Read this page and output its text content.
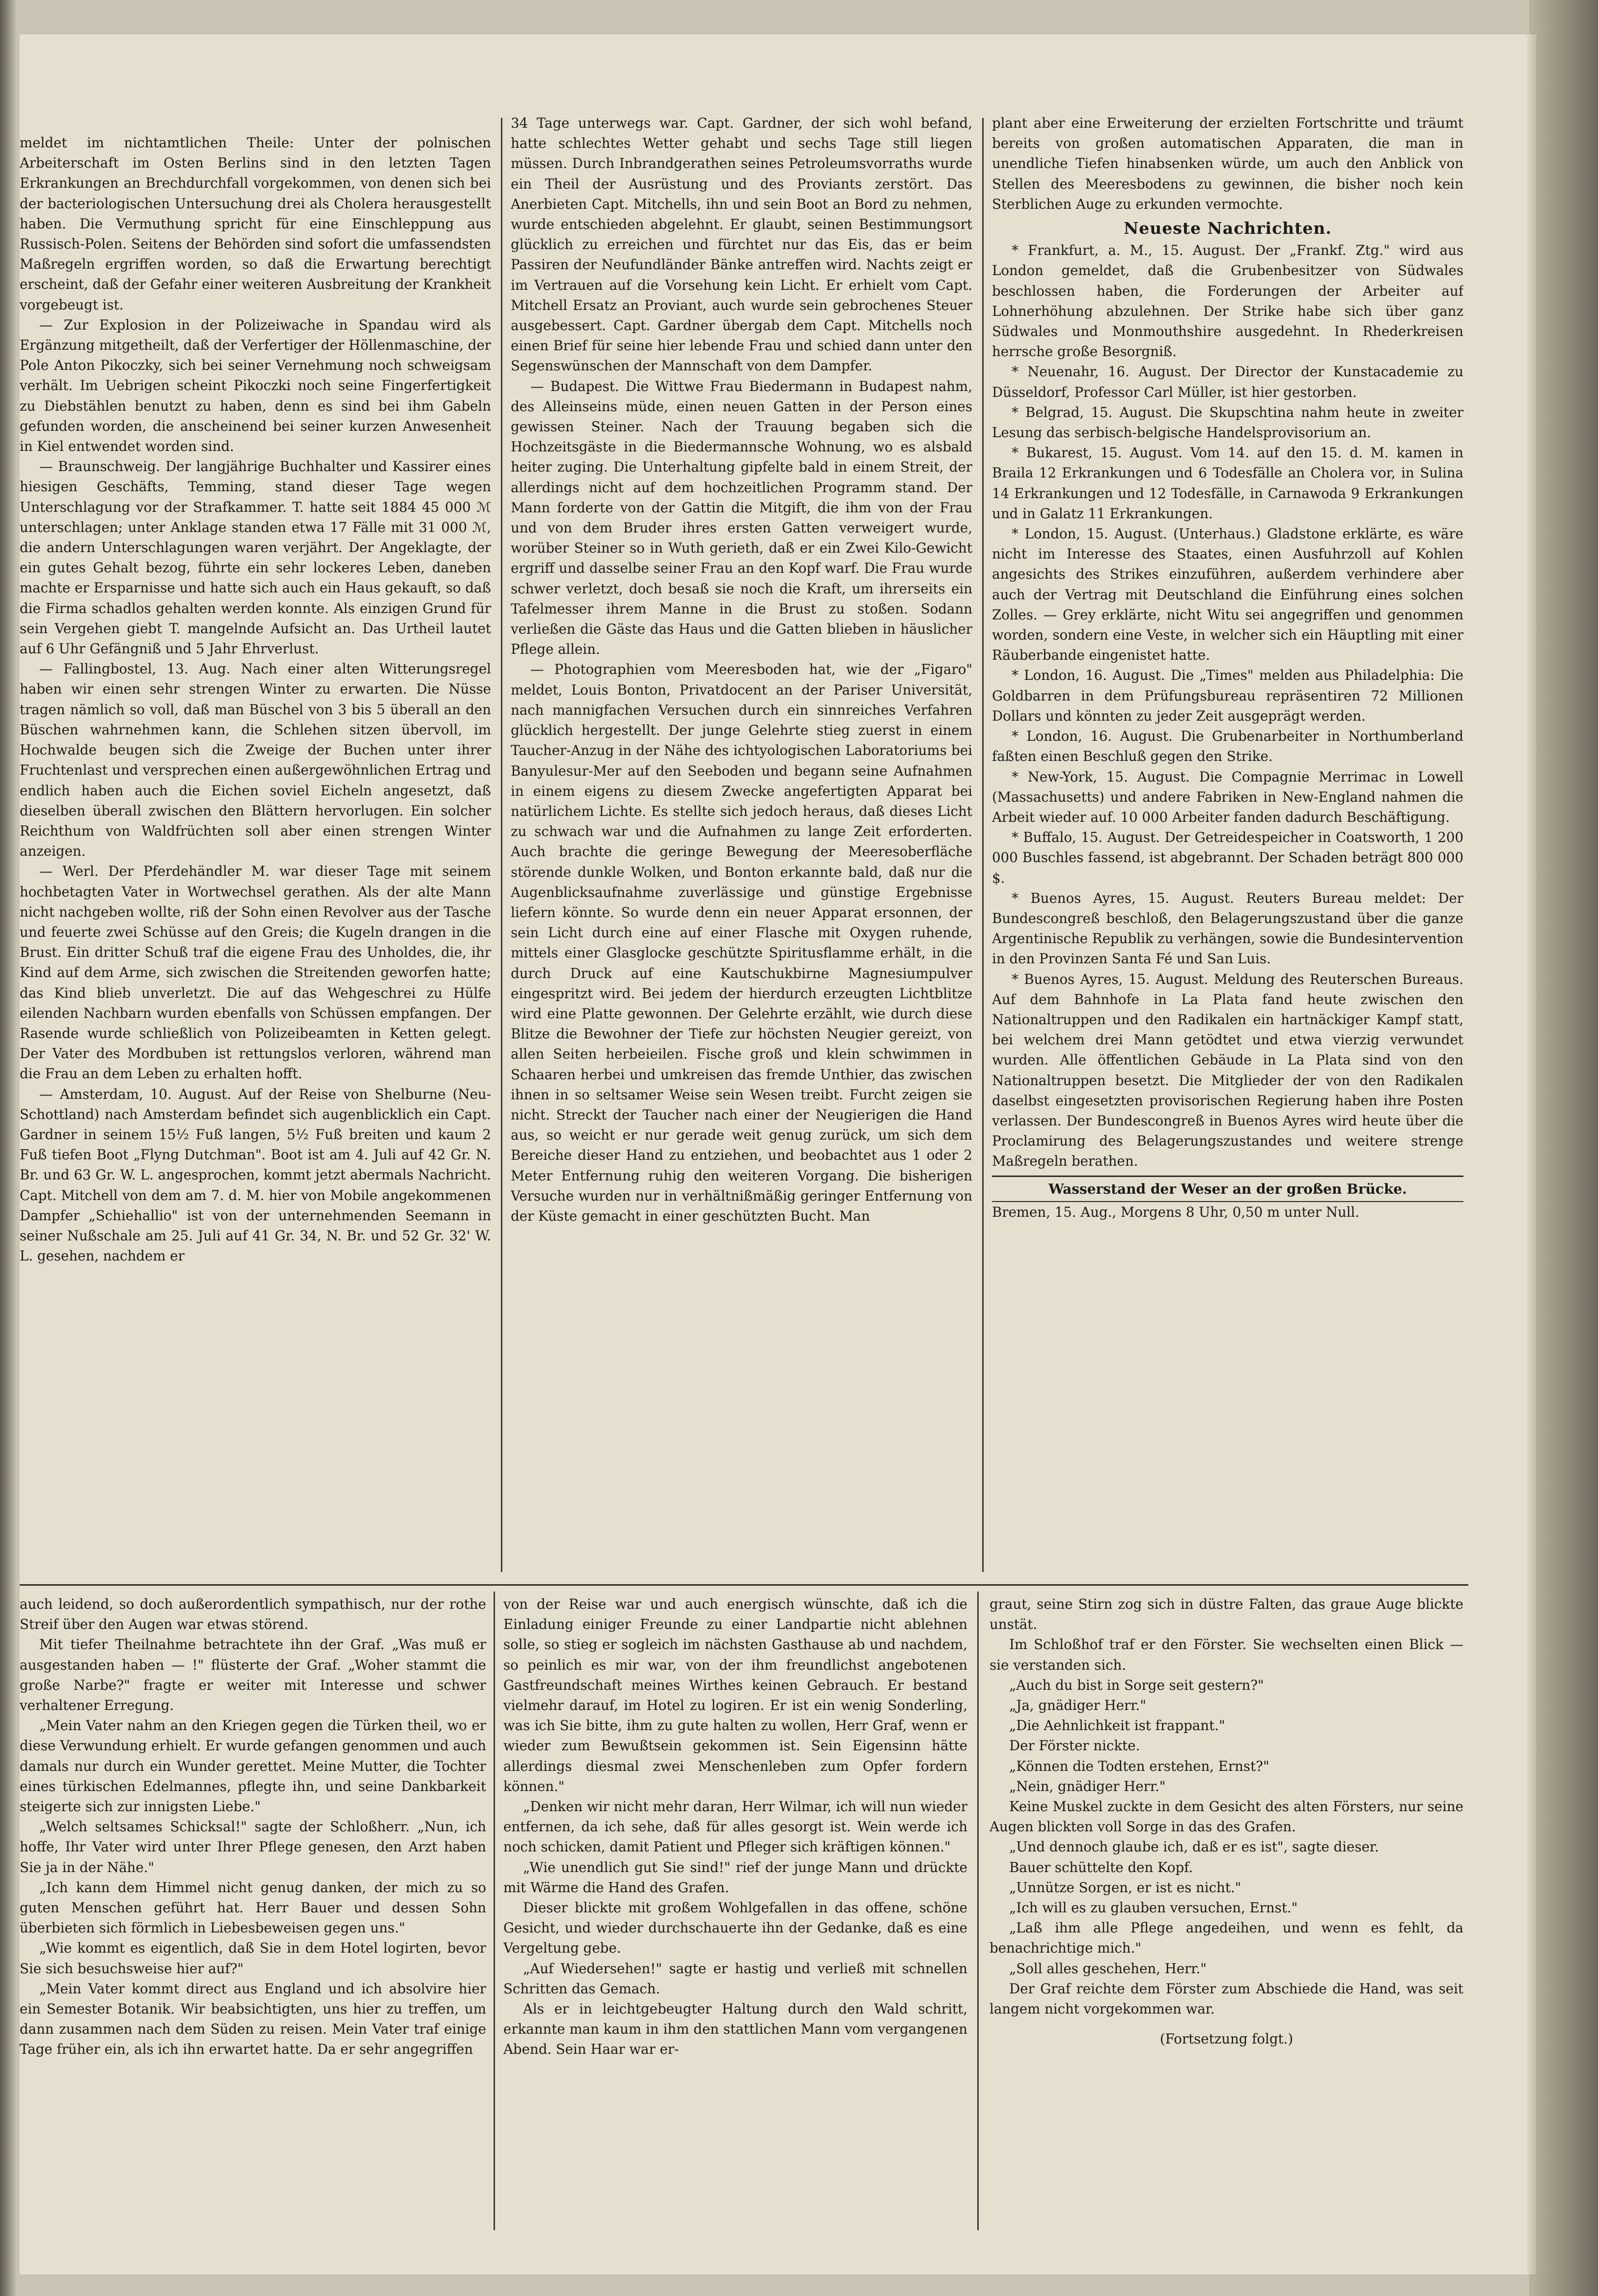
meldet im nichtamtlichen Theile: Unter der polnischen Arbeiterschaft im Osten Berlins sind in den letzten Tagen Erkrankungen an Brechdurchfall vorgekommen, von denen sich bei der bacteriologischen Untersuchung drei als Cholera herausgestellt haben. Die Vermuthung spricht für eine Einschleppung aus Russisch-Polen. Seitens der Behörden sind sofort die umfassendsten Maßregeln ergriffen worden, so daß die Erwartung berechtigt erscheint, daß der Gefahr einer weiteren Ausbreitung der Krankheit vorgebeugt ist.

— Zur Explosion in der Polizeiwache in Spandau wird als Ergänzung mitgetheilt, daß der Verfertiger der Höllenmaschine, der Pole Anton Pikoczky, sich bei seiner Vernehmung noch schweigsam verhält. Im Uebrigen scheint Pikoczki noch seine Fingerfertigkeit zu Diebstählen benutzt zu haben, denn es sind bei ihm Gabeln gefunden worden, die anscheinend bei seiner kurzen Anwesenheit in Kiel entwendet worden sind.

— Braunschweig. Der langjährige Buchhalter und Kassirer eines hiesigen Geschäfts, Temming, stand dieser Tage wegen Unterschlagung vor der Strafkammer. T. hatte seit 1884 45 000 ℳ unterschlagen; unter Anklage standen etwa 17 Fälle mit 31 000 ℳ, die andern Unterschlagungen waren verjährt. Der Angeklagte, der ein gutes Gehalt bezog, führte ein sehr lockeres Leben, daneben machte er Ersparnisse und hatte sich auch ein Haus gekauft, so daß die Firma schadlos gehalten werden konnte. Als einzigen Grund für sein Vergehen giebt T. mangelnde Aufsicht an. Das Urtheil lautet auf 6 Uhr Gefängniß und 5 Jahr Ehrverlust.

— Fallingbostel, 13. Aug. Nach einer alten Witterungsregel haben wir einen sehr strengen Winter zu erwarten. Die Nüsse tragen nämlich so voll, daß man Büschel von 3 bis 5 überall an den Büschen wahrnehmen kann, die Schlehen sitzen übervoll, im Hochwalde beugen sich die Zweige der Buchen unter ihrer Fruchtenlast und versprechen einen außergewöhnlichen Ertrag und endlich haben auch die Eichen soviel Eicheln angesetzt, daß dieselben überall zwischen den Blättern hervorlugen. Ein solcher Reichthum von Waldfrüchten soll aber einen strengen Winter anzeigen.

— Werl. Der Pferdehändler M. war dieser Tage mit seinem hochbetagten Vater in Wortwechsel gerathen. Als der alte Mann nicht nachgeben wollte, riß der Sohn einen Revolver aus der Tasche und feuerte zwei Schüsse auf den Greis; die Kugeln drangen in die Brust. Ein dritter Schuß traf die eigene Frau des Unholdes, die, ihr Kind auf dem Arme, sich zwischen die Streitenden geworfen hatte; das Kind blieb unverletzt. Die auf das Wehgeschrei zu Hülfe eilenden Nachbarn wurden ebenfalls von Schüssen empfangen. Der Rasende wurde schließlich von Polizeibeamten in Ketten gelegt. Der Vater des Mordbuben ist rettungslos verloren, während man die Frau an dem Leben zu erhalten hofft.

— Amsterdam, 10. August. Auf der Reise von Shelburne (Neu-Schottland) nach Amsterdam befindet sich augenblicklich ein Capt. Gardner in seinem 15½ Fuß langen, 5½ Fuß breiten und kaum 2 Fuß tiefen Boot „Flyng Dutchman". Boot ist am 4. Juli auf 42 Gr. N. Br. und 63 Gr. W. L. angesprochen, kommt jetzt abermals Nachricht. Capt. Mitchell von dem am 7. d. M. hier von Mobile angekommenen Dampfer „Schiehallio" ist von der unternehmenden Seemann in seiner Nußschale am 25. Juli auf 41 Gr. 34, N. Br. und 52 Gr. 32' W. L. gesehen, nachdem er

34 Tage unterwegs war. Capt. Gardner, der sich wohl befand, hatte schlechtes Wetter gehabt und sechs Tage still liegen müssen. Durch Inbrandgerathen seines Petroleumsvorraths wurde ein Theil der Ausrüstung und des Proviants zerstört. Das Anerbieten Capt. Mitchells, ihn und sein Boot an Bord zu nehmen, wurde entschieden abgelehnt. Er glaubt, seinen Bestimmungsort glücklich zu erreichen und fürchtet nur das Eis, das er beim Passiren der Neufundländer Bänke antreffen wird. Nachts zeigt er im Vertrauen auf die Vorsehung kein Licht. Er erhielt vom Capt. Mitchell Ersatz an Proviant, auch wurde sein gebrochenes Steuer ausgebessert. Capt. Gardner übergab dem Capt. Mitchells noch einen Brief für seine hier lebende Frau und schied dann unter den Segenswünschen der Mannschaft von dem Dampfer.

— Budapest. Die Wittwe Frau Biedermann in Budapest nahm, des Alleinseins müde, einen neuen Gatten in der Person eines gewissen Steiner. Nach der Trauung begaben sich die Hochzeitsgäste in die Biedermannsche Wohnung, wo es alsbald heiter zuging. Die Unterhaltung gipfelte bald in einem Streit, der allerdings nicht auf dem hochzeitlichen Programm stand. Der Mann forderte von der Gattin die Mitgift, die ihm von der Frau und von dem Bruder ihres ersten Gatten verweigert wurde, worüber Steiner so in Wuth gerieth, daß er ein Zwei Kilo-Gewicht ergriff und dasselbe seiner Frau an den Kopf warf. Die Frau wurde schwer verletzt, doch besaß sie noch die Kraft, um ihrerseits ein Tafelmesser ihrem Manne in die Brust zu stoßen. Sodann verließen die Gäste das Haus und die Gatten blieben in häuslicher Pflege allein.

— Photographien vom Meeresboden hat, wie der „Figaro" meldet, Louis Bonton, Privatdocent an der Pariser Universität, nach mannigfachen Versuchen durch ein sinnreiches Verfahren glücklich hergestellt. Der junge Gelehrte stieg zuerst in einem Taucher-Anzug in der Nähe des ichtyologischen Laboratoriums bei Banyulesur-Mer auf den Seeboden und begann seine Aufnahmen in einem eigens zu diesem Zwecke angefertigten Apparat bei natürlichem Lichte. Es stellte sich jedoch heraus, daß dieses Licht zu schwach war und die Aufnahmen zu lange Zeit erforderten. Auch brachte die geringe Bewegung der Meeresoberfläche störende dunkle Wolken, und Bonton erkannte bald, daß nur die Augenblicksaufnahme zuverlässige und günstige Ergebnisse liefern könnte. So wurde denn ein neuer Apparat ersonnen, der sein Licht durch eine auf einer Flasche mit Oxygen ruhende, mittels einer Glasglocke geschützte Spiritusflamme erhält, in die durch Druck auf eine Kautschukbirne Magnesiumpulver eingespritzt wird. Bei jedem der hierdurch erzeugten Lichtblitze wird eine Platte gewonnen. Der Gelehrte erzählt, wie durch diese Blitze die Bewohner der Tiefe zur höchsten Neugier gereizt, von allen Seiten herbeieilen. Fische groß und klein schwimmen in Schaaren herbei und umkreisen das fremde Unthier, das zwischen ihnen in so seltsamer Weise sein Wesen treibt. Furcht zeigen sie nicht. Streckt der Taucher nach einer der Neugierigen die Hand aus, so weicht er nur gerade weit genug zurück, um sich dem Bereiche dieser Hand zu entziehen, und beobachtet aus 1 oder 2 Meter Entfernung ruhig den weiteren Vorgang. Die bisherigen Versuche wurden nur in verhältnißmäßig geringer Entfernung von der Küste gemacht in einer geschützten Bucht. Man

plant aber eine Erweiterung der erzielten Fortschritte und träumt bereits von großen automatischen Apparaten, die man in unendliche Tiefen hinabsenken würde, um auch den Anblick von Stellen des Meeresbodens zu gewinnen, die bisher noch kein Sterblichen Auge zu erkunden vermochte.

Neueste Nachrichten.

* Frankfurt, a. M., 15. August. Der „Frankf. Ztg." wird aus London gemeldet, daß die Grubenbesitzer von Südwales beschlossen haben, die Forderungen der Arbeiter auf Lohnerhöhung abzulehnen. Der Strike habe sich über ganz Südwales und Monmouthshire ausgedehnt. In Rhederkreisen herrsche große Besorgniß.

* Neuenahr, 16. August. Der Director der Kunstacademie zu Düsseldorf, Professor Carl Müller, ist hier gestorben.

* Belgrad, 15. August. Die Skupschtina nahm heute in zweiter Lesung das serbisch-belgische Handelsprovisorium an.

* Bukarest, 15. August. Vom 14. auf den 15. d. M. kamen in Braila 12 Erkrankungen und 6 Todesfälle an Cholera vor, in Sulina 14 Erkrankungen und 12 Todesfälle, in Carnawoda 9 Erkrankungen und in Galatz 11 Erkrankungen.

* London, 15. August. (Unterhaus.) Gladstone erklärte, es wäre nicht im Interesse des Staates, einen Ausfuhrzoll auf Kohlen angesichts des Strikes einzuführen, außerdem verhindere aber auch der Vertrag mit Deutschland die Einführung eines solchen Zolles. — Grey erklärte, nicht Witu sei angegriffen und genommen worden, sondern eine Veste, in welcher sich ein Häuptling mit einer Räuberbande eingenistet hatte.

* London, 16. August. Die „Times" melden aus Philadelphia: Die Goldbarren in dem Prüfungsbureau repräsentiren 72 Millionen Dollars und könnten zu jeder Zeit ausgeprägt werden.

* London, 16. August. Die Grubenarbeiter in Northumberland faßten einen Beschluß gegen den Strike.

* New-York, 15. August. Die Compagnie Merrimac in Lowell (Massachusetts) und andere Fabriken in New-England nahmen die Arbeit wieder auf. 10 000 Arbeiter fanden dadurch Beschäftigung.

* Buffalo, 15. August. Der Getreidespeicher in Coatsworth, 1 200 000 Buschles fassend, ist abgebrannt. Der Schaden beträgt 800 000 $.

* Buenos Ayres, 15. August. Reuters Bureau meldet: Der Bundescongreß beschloß, den Belagerungszustand über die ganze Argentinische Republik zu verhängen, sowie die Bundesintervention in den Provinzen Santa Fé und San Luis.

* Buenos Ayres, 15. August. Meldung des Reuterschen Bureaus. Auf dem Bahnhofe in La Plata fand heute zwischen den Nationaltruppen und den Radikalen ein hartnäckiger Kampf statt, bei welchem drei Mann getödtet und etwa vierzig verwundet wurden. Alle öffentlichen Gebäude in La Plata sind von den Nationaltruppen besetzt. Die Mitglieder der von den Radikalen daselbst eingesetzten provisorischen Regierung haben ihre Posten verlassen. Der Bundescongreß in Buenos Ayres wird heute über die Proclamirung des Belagerungszustandes und weitere strenge Maßregeln berathen.

Wasserstand der Weser an der großen Brücke.

Bremen, 15. Aug., Morgens 8 Uhr, 0,50 m unter Null.

auch leidend, so doch außerordentlich sympathisch, nur der rothe Streif über den Augen war etwas störend.

Mit tiefer Theilnahme betrachtete ihn der Graf. „Was muß er ausgestanden haben — !" flüsterte der Graf. „Woher stammt die große Narbe?" fragte er weiter mit Interesse und schwer verhaltener Erregung.

„Mein Vater nahm an den Kriegen gegen die Türken theil, wo er diese Verwundung erhielt. Er wurde gefangen genommen und auch damals nur durch ein Wunder gerettet. Meine Mutter, die Tochter eines türkischen Edelmannes, pflegte ihn, und seine Dankbarkeit steigerte sich zur innigsten Liebe."

„Welch seltsames Schicksal!" sagte der Schloßherr. „Nun, ich hoffe, Ihr Vater wird unter Ihrer Pflege genesen, den Arzt haben Sie ja in der Nähe."

„Ich kann dem Himmel nicht genug danken, der mich zu so guten Menschen geführt hat. Herr Bauer und dessen Sohn überbieten sich förmlich in Liebesbeweisen gegen uns."

„Wie kommt es eigentlich, daß Sie in dem Hotel logirten, bevor Sie sich besuchsweise hier auf?"

„Mein Vater kommt direct aus England und ich absolvire hier ein Semester Botanik. Wir beabsichtigten, uns hier zu treffen, um dann zusammen nach dem Süden zu reisen. Mein Vater traf einige Tage früher ein, als ich ihn erwartet hatte. Da er sehr angegriffen

von der Reise war und auch energisch wünschte, daß ich die Einladung einiger Freunde zu einer Landpartie nicht ablehnen solle, so stieg er sogleich im nächsten Gasthause ab und nachdem, so peinlich es mir war, von der ihm freundlichst angebotenen Gastfreundschaft meines Wirthes keinen Gebrauch. Er bestand vielmehr darauf, im Hotel zu logiren. Er ist ein wenig Sonderling, was ich Sie bitte, ihm zu gute halten zu wollen, Herr Graf, wenn er wieder zum Bewußtsein gekommen ist. Sein Eigensinn hätte allerdings diesmal zwei Menschenleben zum Opfer fordern können."

„Denken wir nicht mehr daran, Herr Wilmar, ich will nun wieder entfernen, da ich sehe, daß für alles gesorgt ist. Wein werde ich noch schicken, damit Patient und Pfleger sich kräftigen können."

„Wie unendlich gut Sie sind!" rief der junge Mann und drückte mit Wärme die Hand des Grafen.

Dieser blickte mit großem Wohlgefallen in das offene, schöne Gesicht, und wieder durchschauerte ihn der Gedanke, daß es eine Vergeltung gebe.

„Auf Wiedersehen!" sagte er hastig und verließ mit schnellen Schritten das Gemach.

Als er in leichtgebeugter Haltung durch den Wald schritt, erkannte man kaum in ihm den stattlichen Mann vom vergangenen Abend. Sein Haar war er-

graut, seine Stirn zog sich in düstre Falten, das graue Auge blickte unstät.

Im Schloßhof traf er den Förster. Sie wechselten einen Blick — sie verstanden sich.

„Auch du bist in Sorge seit gestern?"

„Ja, gnädiger Herr."

„Die Aehnlichkeit ist frappant."

Der Förster nickte.

„Können die Todten erstehen, Ernst?"

„Nein, gnädiger Herr."

Keine Muskel zuckte in dem Gesicht des alten Försters, nur seine Augen blickten voll Sorge in das des Grafen.

„Und dennoch glaube ich, daß er es ist", sagte dieser.

Bauer schüttelte den Kopf.

„Unnütze Sorgen, er ist es nicht."

„Ich will es zu glauben versuchen, Ernst."

„Laß ihm alle Pflege angedeihen, und wenn es fehlt, da benachrichtige mich."

„Soll alles geschehen, Herr."

Der Graf reichte dem Förster zum Abschiede die Hand, was seit langem nicht vorgekommen war.

(Fortsetzung folgt.)
